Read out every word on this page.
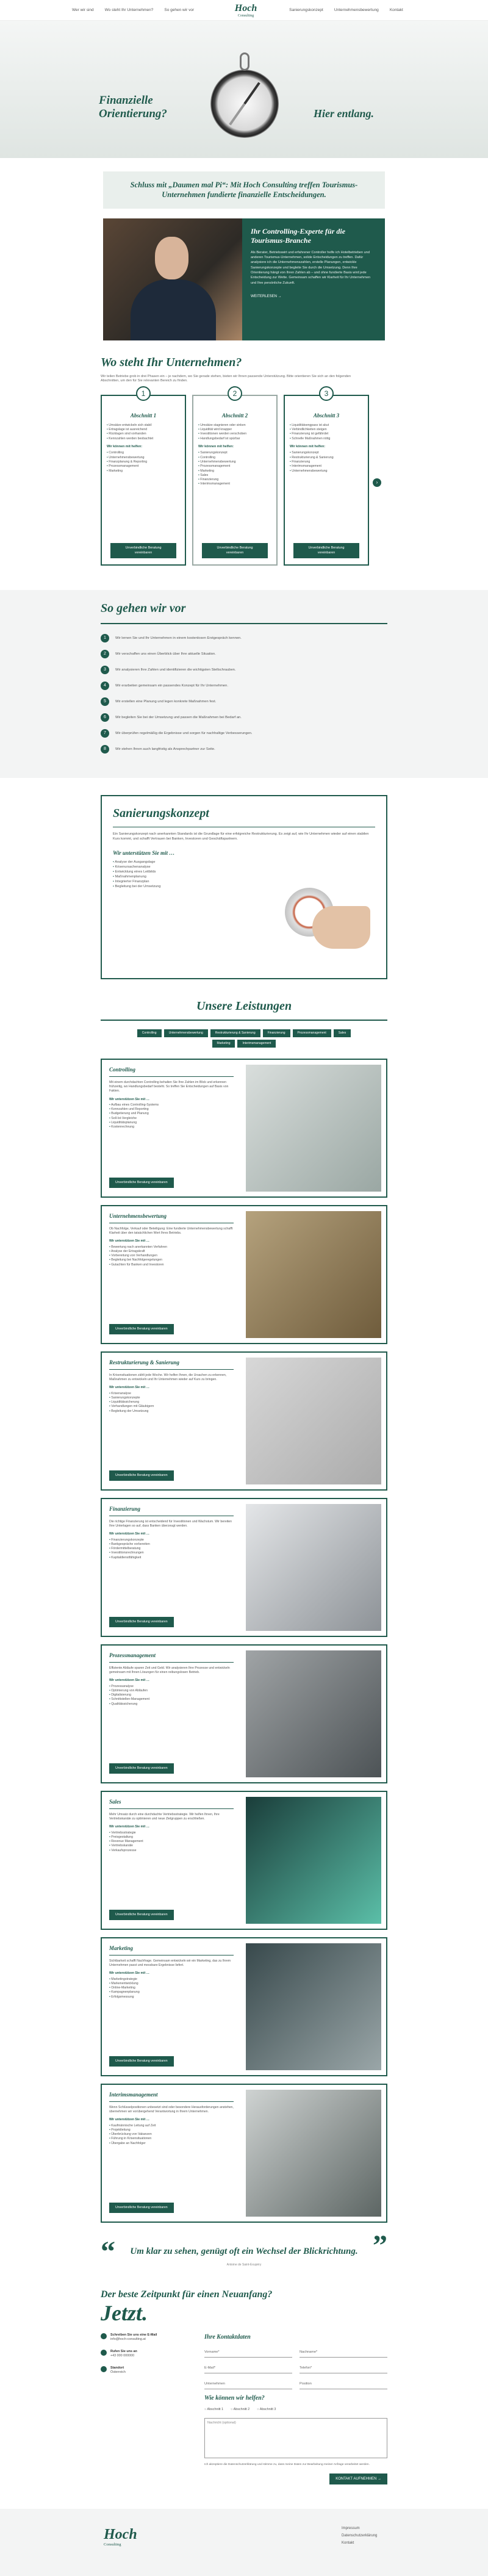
Wer wir sind	Wo steht Ihr Unternehmen?	So gehen wir vor	Sanierungskonzept	Unternehmensbewertung	Kontakt
Hoch
Consulting
Finanzielle
Orientierung?	Hier entlang.
Schluss mit „Daumen mal Pi“: Mit Hoch Consulting treffen Tourismus-Unternehmen fundierte finanzielle Entscheidungen.
Ihr Controlling-Experte für die Tourismus-Branche

Als Berater, Betriebswirt und erfahrener Controller helfe ich Hotelbetrieben und anderen Tourismus-Unternehmen, solide Entscheidungen zu treffen. Dafür analysiere ich die Unternehmenszahlen, erstelle Planungen, entwickle Sanierungskonzepte und begleite Sie durch die Umsetzung. Denn Ihre Orientierung hängt von Ihren Zahlen ab – und ohne fundierte Basis wird jede Entscheidung zur Wette. Gemeinsam schaffen wir Klarheit für Ihr Unternehmen und Ihre persönliche Zukunft.

WEITERLESEN →
Wo steht Ihr Unternehmen?
Wir teilen Betriebe grob in drei Phasen ein – je nachdem, wo Sie gerade stehen, bieten wir Ihnen passende Unterstützung. Bitte orientieren Sie sich an den folgenden Abschnitten, um den für Sie relevanten Bereich zu finden.
1
Abschnitt 1
• Umsätze entwickeln sich stabil
• Ertragslage ist ausreichend
• Rücklagen sind vorhanden
• Kennzahlen werden beobachtet
Wir können mit helfen:
• Controlling
• Unternehmensbewertung
• Finanzplanung & Reporting
• Prozessmanagement
• Marketing
Unverbindliche Beratung vereinbaren
2
Abschnitt 2
• Umsätze stagnieren oder sinken
• Liquidität wird knapper
• Investitionen werden verschoben
• Handlungsbedarf ist spürbar
Wir können mit helfen:
• Sanierungskonzept
• Controlling
• Unternehmensbewertung
• Prozessmanagement
• Marketing
• Sales
• Finanzierung
• Interimsmanagement
Unverbindliche Beratung vereinbaren
3
Abschnitt 3
• Liquiditätsengpass ist akut
• Verbindlichkeiten steigen
• Finanzierung ist gefährdet
• Schnelle Maßnahmen nötig
Wir können mit helfen:
• Sanierungskonzept
• Restrukturierung & Sanierung
• Finanzierung
• Interimsmanagement
• Unternehmensbewertung
Unverbindliche Beratung vereinbaren
›
So gehen wir vor
1	Wir lernen Sie und Ihr Unternehmen in einem kostenlosen Erstgespräch kennen.
2	Wir verschaffen uns einen Überblick über Ihre aktuelle Situation.
3	Wir analysieren Ihre Zahlen und identifizieren die wichtigsten Stellschrauben.
4	Wir erarbeiten gemeinsam ein passendes Konzept für Ihr Unternehmen.
5	Wir erstellen eine Planung und legen konkrete Maßnahmen fest.
6	Wir begleiten Sie bei der Umsetzung und passen die Maßnahmen bei Bedarf an.
7	Wir überprüfen regelmäßig die Ergebnisse und sorgen für nachhaltige Verbesserungen.
8	Wir stehen Ihnen auch langfristig als Ansprechpartner zur Seite.
Sanierungskonzept

Ein Sanierungskonzept nach anerkannten Standards ist die Grundlage für eine erfolgreiche Restrukturierung. Es zeigt auf, wie Ihr Unternehmen wieder auf einen stabilen Kurs kommt, und schafft Vertrauen bei Banken, Investoren und Geschäftspartnern.

Wir unterstützen Sie mit …
• Analyse der Ausgangslage
• Krisenursachenanalyse
• Entwicklung eines Leitbilds
• Maßnahmenplanung
• Integrierter Finanzplan
• Begleitung bei der Umsetzung
Unsere Leistungen
Controlling	Unternehmensbewertung	Restrukturierung & Sanierung	Finanzierung	Prozessmanagement	Sales
Marketing	Interimsmanagement
Controlling
Mit einem durchdachten Controlling behalten Sie Ihre Zahlen im Blick und erkennen frühzeitig, wo Handlungsbedarf besteht. So treffen Sie Entscheidungen auf Basis von Fakten.
Wir unterstützen Sie mit …
• Aufbau eines Controlling-Systems
• Kennzahlen und Reporting
• Budgetierung und Planung
• Soll-Ist-Vergleiche
• Liquiditätsplanung
• Kostenrechnung
Unverbindliche Beratung vereinbaren
Unternehmensbewertung
Ob Nachfolge, Verkauf oder Beteiligung: Eine fundierte Unternehmensbewertung schafft Klarheit über den tatsächlichen Wert Ihres Betriebs.
Wir unterstützen Sie mit …
• Bewertung nach anerkannten Verfahren
• Analyse der Ertragskraft
• Vorbereitung von Verhandlungen
• Begleitung bei Nachfolgeregelungen
• Gutachten für Banken und Investoren
Unverbindliche Beratung vereinbaren
Restrukturierung & Sanierung
In Krisensituationen zählt jede Woche. Wir helfen Ihnen, die Ursachen zu erkennen, Maßnahmen zu entwickeln und Ihr Unternehmen wieder auf Kurs zu bringen.
Wir unterstützen Sie mit …
• Krisenanalyse
• Sanierungskonzepte
• Liquiditätssicherung
• Verhandlungen mit Gläubigern
• Begleitung der Umsetzung
Unverbindliche Beratung vereinbaren
Finanzierung
Die richtige Finanzierung ist entscheidend für Investitionen und Wachstum. Wir bereiten Ihre Unterlagen so auf, dass Banken überzeugt werden.
Wir unterstützen Sie mit …
• Finanzierungskonzepte
• Bankgespräche vorbereiten
• Fördermittelberatung
• Investitionsrechnungen
• Kapitaldienstfähigkeit
Unverbindliche Beratung vereinbaren
Prozessmanagement
Effiziente Abläufe sparen Zeit und Geld. Wir analysieren Ihre Prozesse und entwickeln gemeinsam mit Ihnen Lösungen für einen reibungslosen Betrieb.
Wir unterstützen Sie mit …
• Prozessanalyse
• Optimierung von Abläufen
• Digitalisierung
• Schnittstellen-Management
• Qualitätssicherung
Unverbindliche Beratung vereinbaren
Sales
Mehr Umsatz durch eine durchdachte Vertriebsstrategie. Wir helfen Ihnen, Ihre Vertriebskanäle zu optimieren und neue Zielgruppen zu erschließen.
Wir unterstützen Sie mit …
• Vertriebsstrategie
• Preisgestaltung
• Revenue Management
• Vertriebskanäle
• Verkaufsprozesse
Unverbindliche Beratung vereinbaren
Marketing
Sichtbarkeit schafft Nachfrage. Gemeinsam entwickeln wir ein Marketing, das zu Ihrem Unternehmen passt und messbare Ergebnisse liefert.
Wir unterstützen Sie mit …
• Marketingstrategie
• Markenentwicklung
• Online-Marketing
• Kampagnenplanung
• Erfolgsmessung
Unverbindliche Beratung vereinbaren
Interimsmanagement
Wenn Schlüsselpositionen unbesetzt sind oder besondere Herausforderungen anstehen, übernehmen wir vorübergehend Verantwortung in Ihrem Unternehmen.
Wir unterstützen Sie mit …
• Kaufmännische Leitung auf Zeit
• Projektleitung
• Überbrückung von Vakanzen
• Führung in Krisensituationen
• Übergabe an Nachfolger
Unverbindliche Beratung vereinbaren
“	”

Um klar zu sehen, genügt oft ein Wechsel der Blickrichtung.

Antoine de Saint-Exupéry
Der beste Zeitpunkt für einen Neuanfang?
Jetzt.
Schreiben Sie uns eine E-Mail
info@hoch-consulting.at
Rufen Sie uns an
+43 000 000000
Standort
Österreich
Ihre Kontaktdaten
Vorname*	Nachname*
E-Mail*	Telefon*
Unternehmen	Position
Wie können wir helfen?
○ Abschnitt 1	○ Abschnitt 2	○ Abschnitt 3
Nachricht (optional)
Ich akzeptiere die Datenschutzerklärung und stimme zu, dass meine Daten zur Bearbeitung meiner Anfrage verarbeitet werden.
KONTAKT AUFNEHMEN →
Hoch
Consulting
Impressum
Datenschutzerklärung
Kontakt
